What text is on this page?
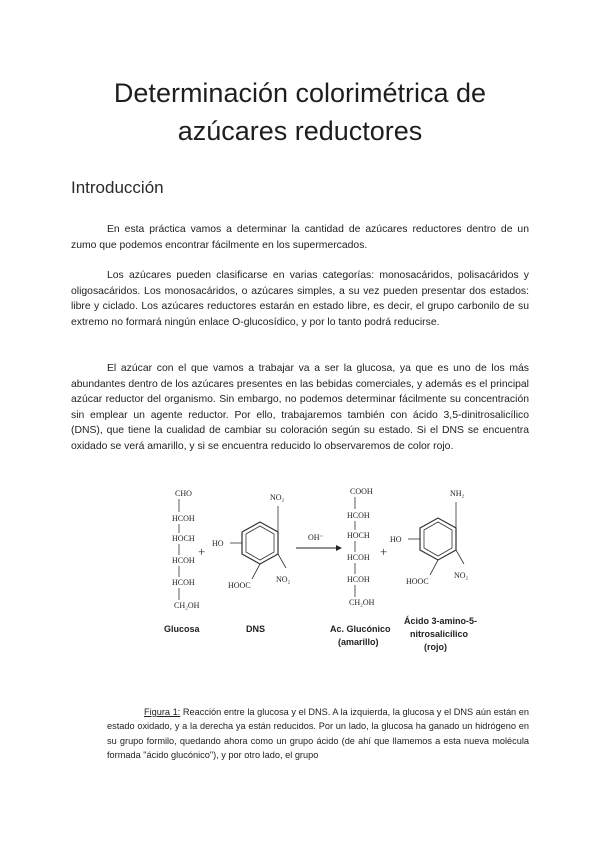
Determinación colorimétrica de
azúcares reductores
Introducción

En esta práctica vamos a determinar la cantidad de azúcares reductores dentro de un zumo que podemos encontrar fácilmente en los supermercados.

Los azúcares pueden clasificarse en varias categorías: monosacáridos, polisacáridos y oligosacáridos. Los monosacáridos, o azúcares simples, a su vez pueden presentar dos estados: libre y ciclado. Los azúcares reductores estarán en estado libre, es decir, el grupo carbonilo de su extremo no formará ningún enlace O-glucosídico, y por lo tanto podrá reducirse.

El azúcar con el que vamos a trabajar va a ser la glucosa, ya que es uno de los más abundantes dentro de los azúcares presentes en las bebidas comerciales, y además es el principal azúcar reductor del organismo. Sin embargo, no podemos determinar fácilmente su concentración sin emplear un agente reductor. Por ello, trabajaremos también con ácido 3,5-dinitrosalicílico (DNS), que tiene la cualidad de cambiar su coloración según su estado. Si el DNS se encuentra oxidado se verá amarillo, y si se encuentra reducido lo observaremos de color rojo.

CHO
HCOH
HOCH
HCOH
HCOH
CH₂OH
+
NO₂
HO
HOOC
NO₂
OH⁻
COOH
HCOH
HOCH
HCOH
HCOH
CH₂OH
+
NH₂
HO
HOOC
NO₂
Glucosa	DNS	Ac. Glucónico
(amarillo)
Ácido 3-amino-5-
nitrosalicílico
(rojo)

Figura 1: Reacción entre la glucosa y el DNS. A la izquierda, la glucosa y el DNS aún están en estado oxidado, y a la derecha ya están reducidos. Por un lado, la glucosa ha ganado un hidrógeno en su grupo formilo, quedando ahora como un grupo ácido (de ahí que llamemos a esta nueva molécula formada "ácido glucónico"), y por otro lado, el grupo
